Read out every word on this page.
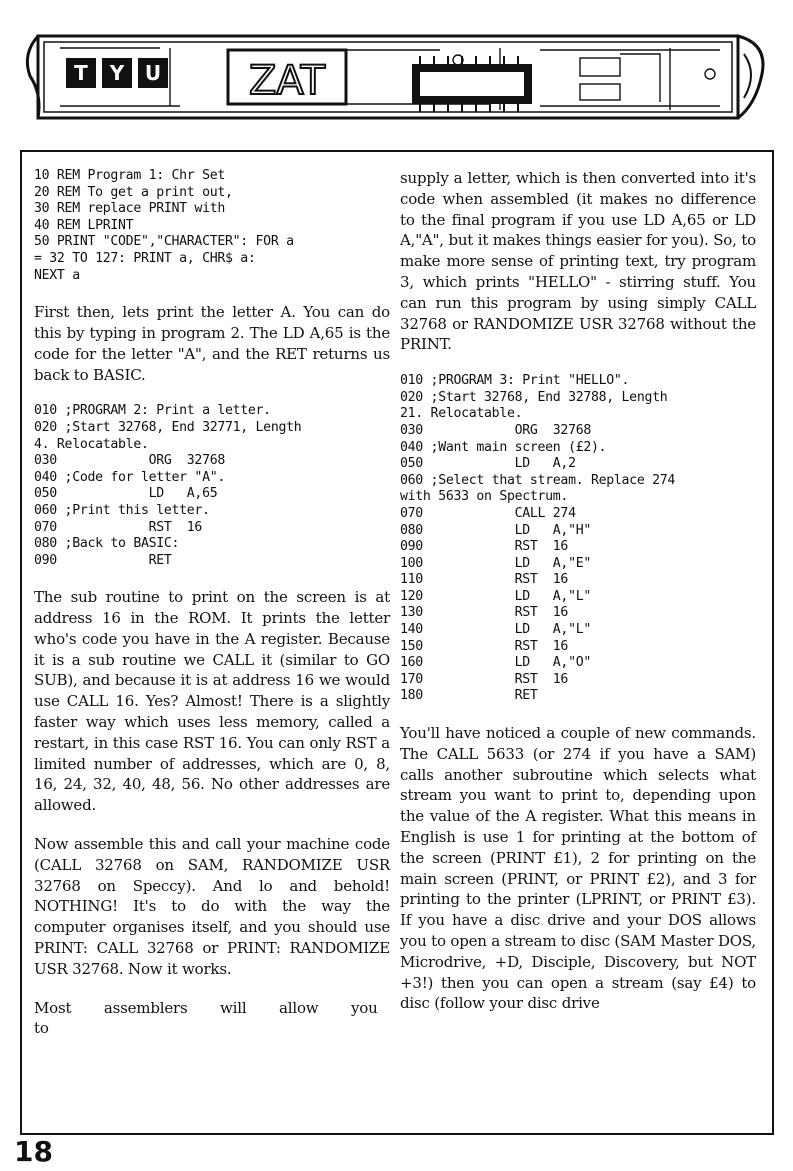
T Y U ZAT
10 REM Program 1: Chr Set
20 REM To get a print out,
30 REM replace PRINT with
40 REM LPRINT
50 PRINT "CODE","CHARACTER": FOR a
= 32 TO 127: PRINT a, CHR$ a:
NEXT a

First then, lets print the letter A. You can do this by typing in program 2. The LD A,65 is the code for the letter "A", and the RET returns us back to BASIC.

010 ;PROGRAM 2: Print a letter.
020 ;Start 32768, End 32771, Length
4. Relocatable.
030            ORG  32768
040 ;Code for letter "A".
050            LD   A,65
060 ;Print this letter.
070            RST  16
080 ;Back to BASIC:
090            RET

The sub routine to print on the screen is at address 16 in the ROM. It prints the letter who's code you have in the A register. Because it is a sub routine we CALL it (similar to GO SUB), and because it is at address 16 we would use CALL 16. Yes? Almost! There is a slightly faster way which uses less memory, called a restart, in this case RST 16. You can only RST a limited number of addresses, which are 0, 8, 16, 24, 32, 40, 48, 56. No other addresses are allowed.

Now assemble this and call your machine code (CALL 32768 on SAM, RANDOMIZE USR 32768 on Speccy). And lo and behold! NOTHING! It's to do with the way the computer organises itself, and you should use PRINT: CALL 32768 or PRINT: RANDOMIZE USR 32768. Now it works.

Most assemblers will allow you to

supply a letter, which is then converted into it's code when assembled (it makes no difference to the final program if you use LD A,65 or LD A,"A", but it makes things easier for you). So, to make more sense of printing text, try program 3, which prints "HELLO" - stirring stuff. You can run this program by using simply CALL 32768 or RANDOMIZE USR 32768 without the PRINT.

010 ;PROGRAM 3: Print "HELLO".
020 ;Start 32768, End 32788, Length
21. Relocatable.
030            ORG  32768
040 ;Want main screen (£2).
050            LD   A,2
060 ;Select that stream. Replace 274
with 5633 on Spectrum.
070            CALL 274
080            LD   A,"H"
090            RST  16
100            LD   A,"E"
110            RST  16
120            LD   A,"L"
130            RST  16
140            LD   A,"L"
150            RST  16
160            LD   A,"O"
170            RST  16
180            RET

You'll have noticed a couple of new commands. The CALL 5633 (or 274 if you have a SAM) calls another subroutine which selects what stream you want to print to, depending upon the value of the A register. What this means in English is use 1 for printing at the bottom of the screen (PRINT £1), 2 for printing on the main screen (PRINT, or PRINT £2), and 3 for printing to the printer (LPRINT, or PRINT £3). If you have a disc drive and your DOS allows you to open a stream to disc (SAM Master DOS, Microdrive, +D, Disciple, Discovery, but NOT +3!) then you can open a stream (say £4) to disc (follow your disc drive

18
